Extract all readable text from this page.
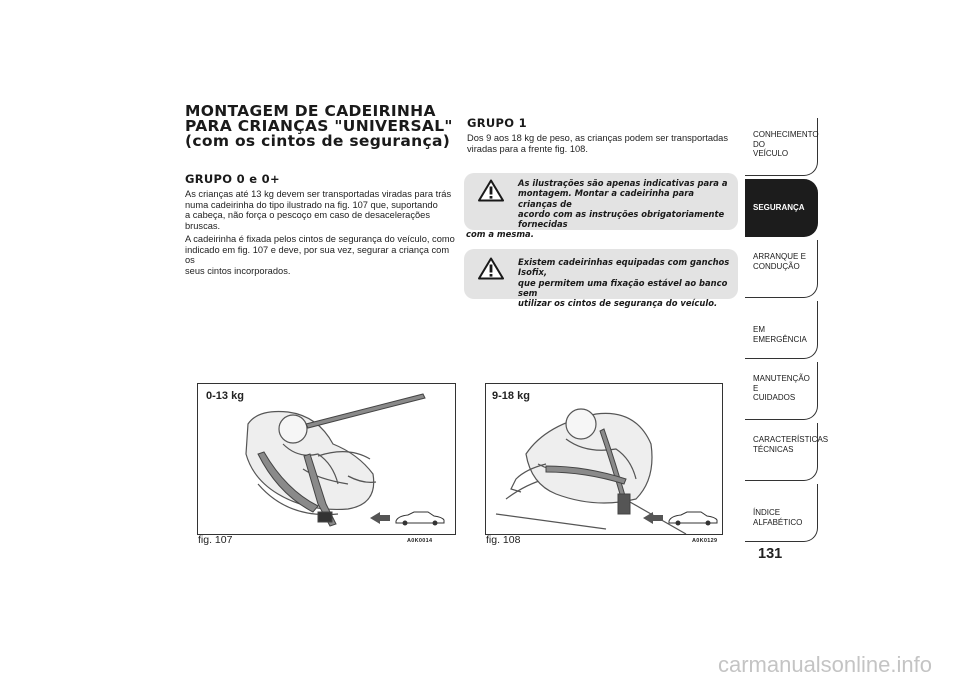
MONTAGEM DE CADEIRINHA
PARA CRIANÇAS "UNIVERSAL"
(com os cintos de segurança)
GRUPO 0 e 0+

As crianças até 13 kg devem ser transportadas viradas para trás
numa cadeirinha do tipo ilustrado na fig. 107 que, suportando
a cabeça, não força o pescoço em caso de desacelerações bruscas.

A cadeirinha é fixada pelos cintos de segurança do veículo, como
indicado em fig. 107 e deve, por sua vez, segurar a criança com os
seus cintos incorporados.

GRUPO 1

Dos 9 aos 18 kg de peso, as crianças podem ser transportadas
viradas para a frente fig. 108.

As ilustrações são apenas indicativas para a
montagem. Montar a cadeirinha para crianças de
acordo com as instruções obrigatoriamente fornecidas
com a mesma.

Existem cadeirinhas equipadas com ganchos Isofix,
que permitem uma fixação estável ao banco sem
utilizar os cintos de segurança do veículo.

0-13 kg
fig. 107	A0K0014
9-18 kg
fig. 108	A0K0129
CONHECIMENTO DO
VEÍCULO
SEGURANÇA
ARRANQUE E
CONDUÇÃO
EM EMERGÊNCIA
MANUTENÇÃO E
CUIDADOS
CARACTERÍSTICAS
TÉCNICAS
ÍNDICE ALFABÉTICO
131
carmanualsonline.info
